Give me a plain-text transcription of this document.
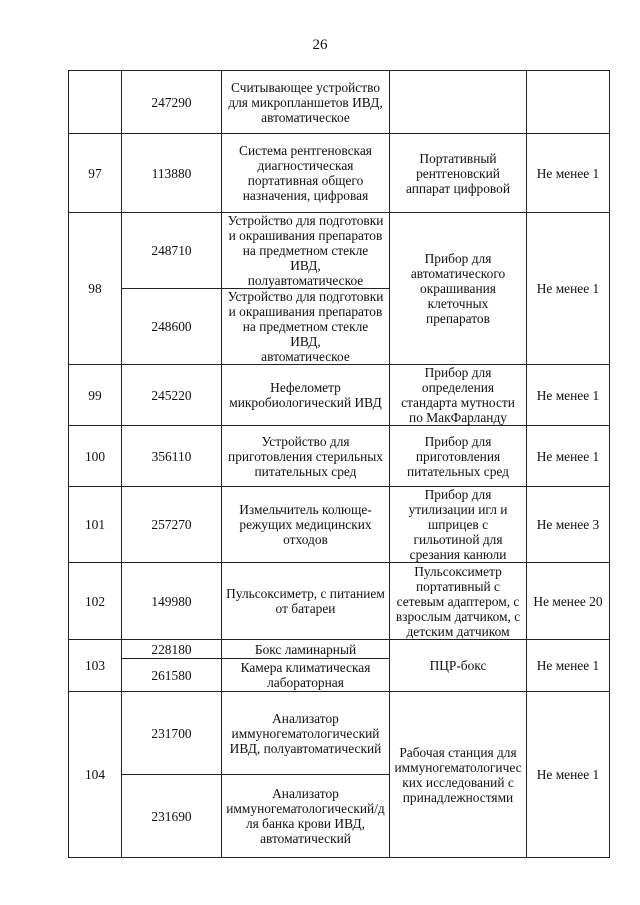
26
	247290	Считывающее устройство
для микропланшетов ИВД,
автоматическое		
97	113880	Система рентгеновская
диагностическая
портативная общего
назначения, цифровая	Портативный
рентгеновский
аппарат цифровой	Не менее 1
98	248710	Устройство для подготовки
и окрашивания препаратов
на предметном стекле ИВД,
полуавтоматическое	Прибор для
автоматического
окрашивания
клеточных
препаратов	Не менее 1
	248600	Устройство для подготовки
и окрашивания препаратов
на предметном стекле ИВД,
автоматическое		
99	245220	Нефелометр
микробиологический ИВД	Прибор для
определения
стандарта мутности
по МакФарланду	Не менее 1
100	356110	Устройство для
приготовления стерильных
питательных сред	Прибор для
приготовления
питательных сред	Не менее 1
101	257270	Измельчитель колюще-
режущих медицинских
отходов	Прибор для
утилизации игл и
шприцев с
гильотиной для
срезания канюли	Не менее 3
102	149980	Пульсоксиметр, с питанием
от батареи	Пульсоксиметр
портативный с
сетевым адаптером, с
взрослым датчиком, с
детским датчиком	Не менее 20
103	228180	Бокс ламинарный	ПЦР-бокс	Не менее 1
	261580	Камера климатическая
лабораторная		
104	231700	Анализатор
иммуногематологический
ИВД, полуавтоматический	Рабочая станция для
иммуногематологичес
ких исследований с
принадлежностями	Не менее 1
	231690	Анализатор
иммуногематологический/д
ля банка крови ИВД,
автоматический		
